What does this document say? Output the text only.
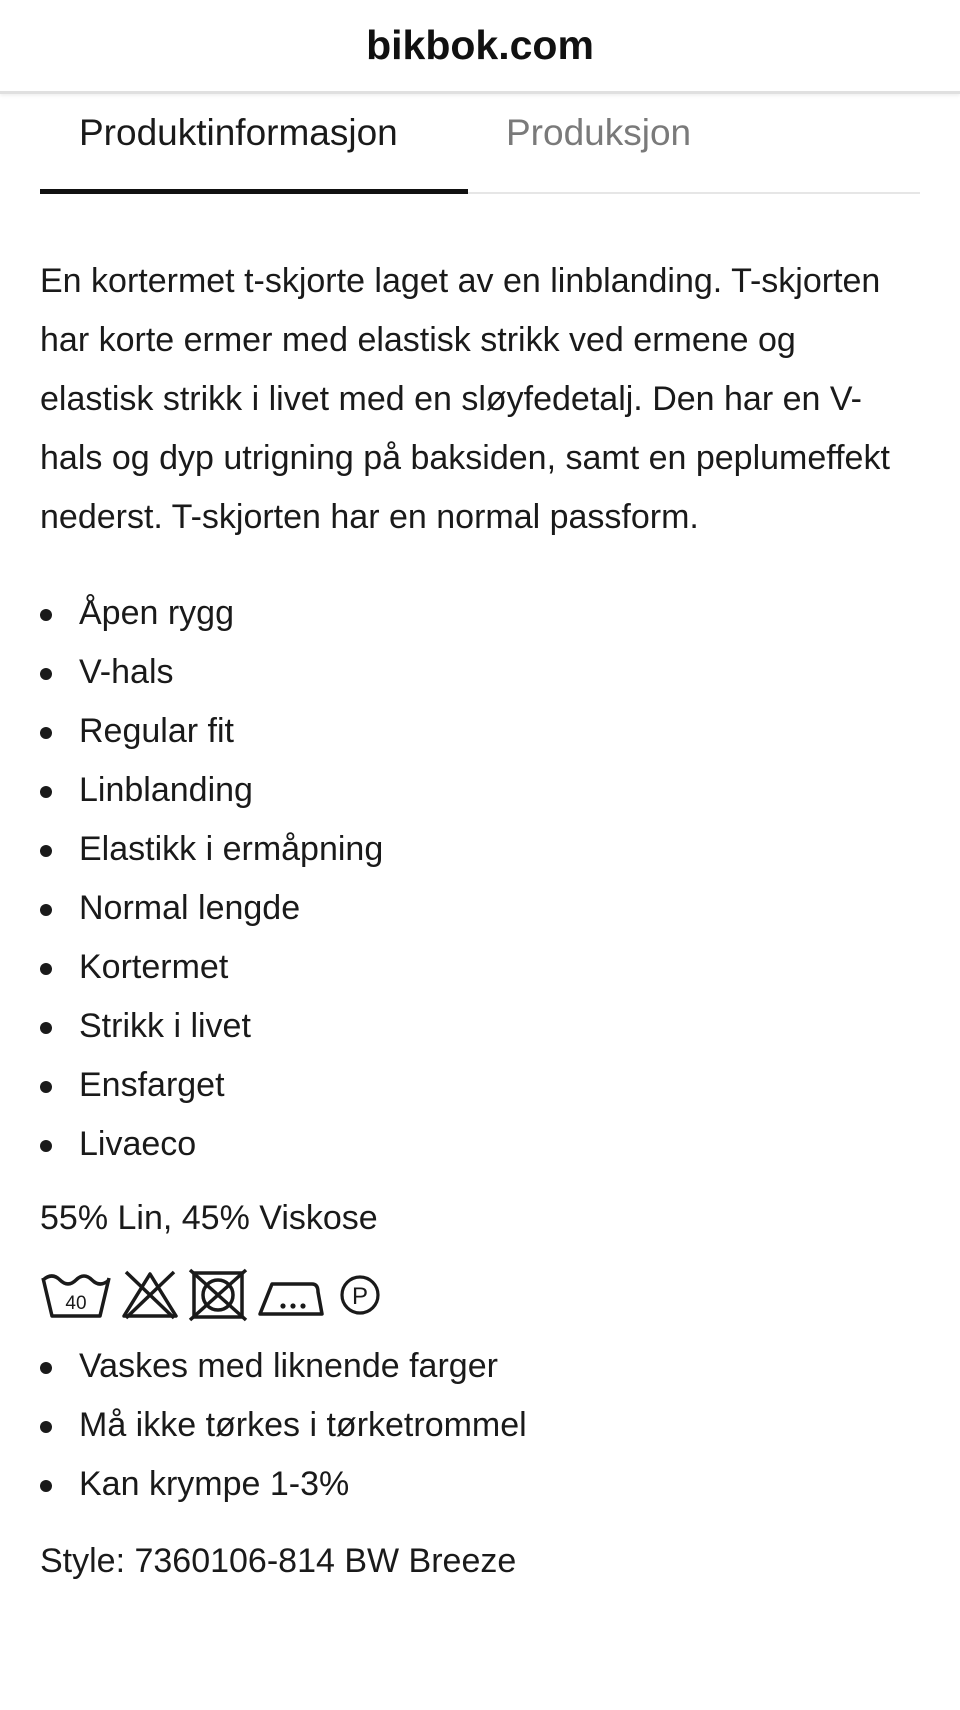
bikbok.com
Produktinformasjon	Produksjon

En kortermet t-skjorte laget av en linblanding. T-skjorten har korte ermer med elastisk strikk ved ermene og elastisk strikk i livet med en sløyfedetalj. Den har en V-hals og dyp utrigning på baksiden, samt en peplumeffekt nederst. T-skjorten har en normal passform.

Åpen rygg
V-hals
Regular fit
Linblanding
Elastikk i ermåpning
Normal lengde
Kortermet
Strikk i livet
Ensfarget
Livaeco
55% Lin, 45% Viskose
40	P
Vaskes med liknende farger
Må ikke tørkes i tørketrommel
Kan krympe 1-3%
Style: 7360106-814 BW Breeze
